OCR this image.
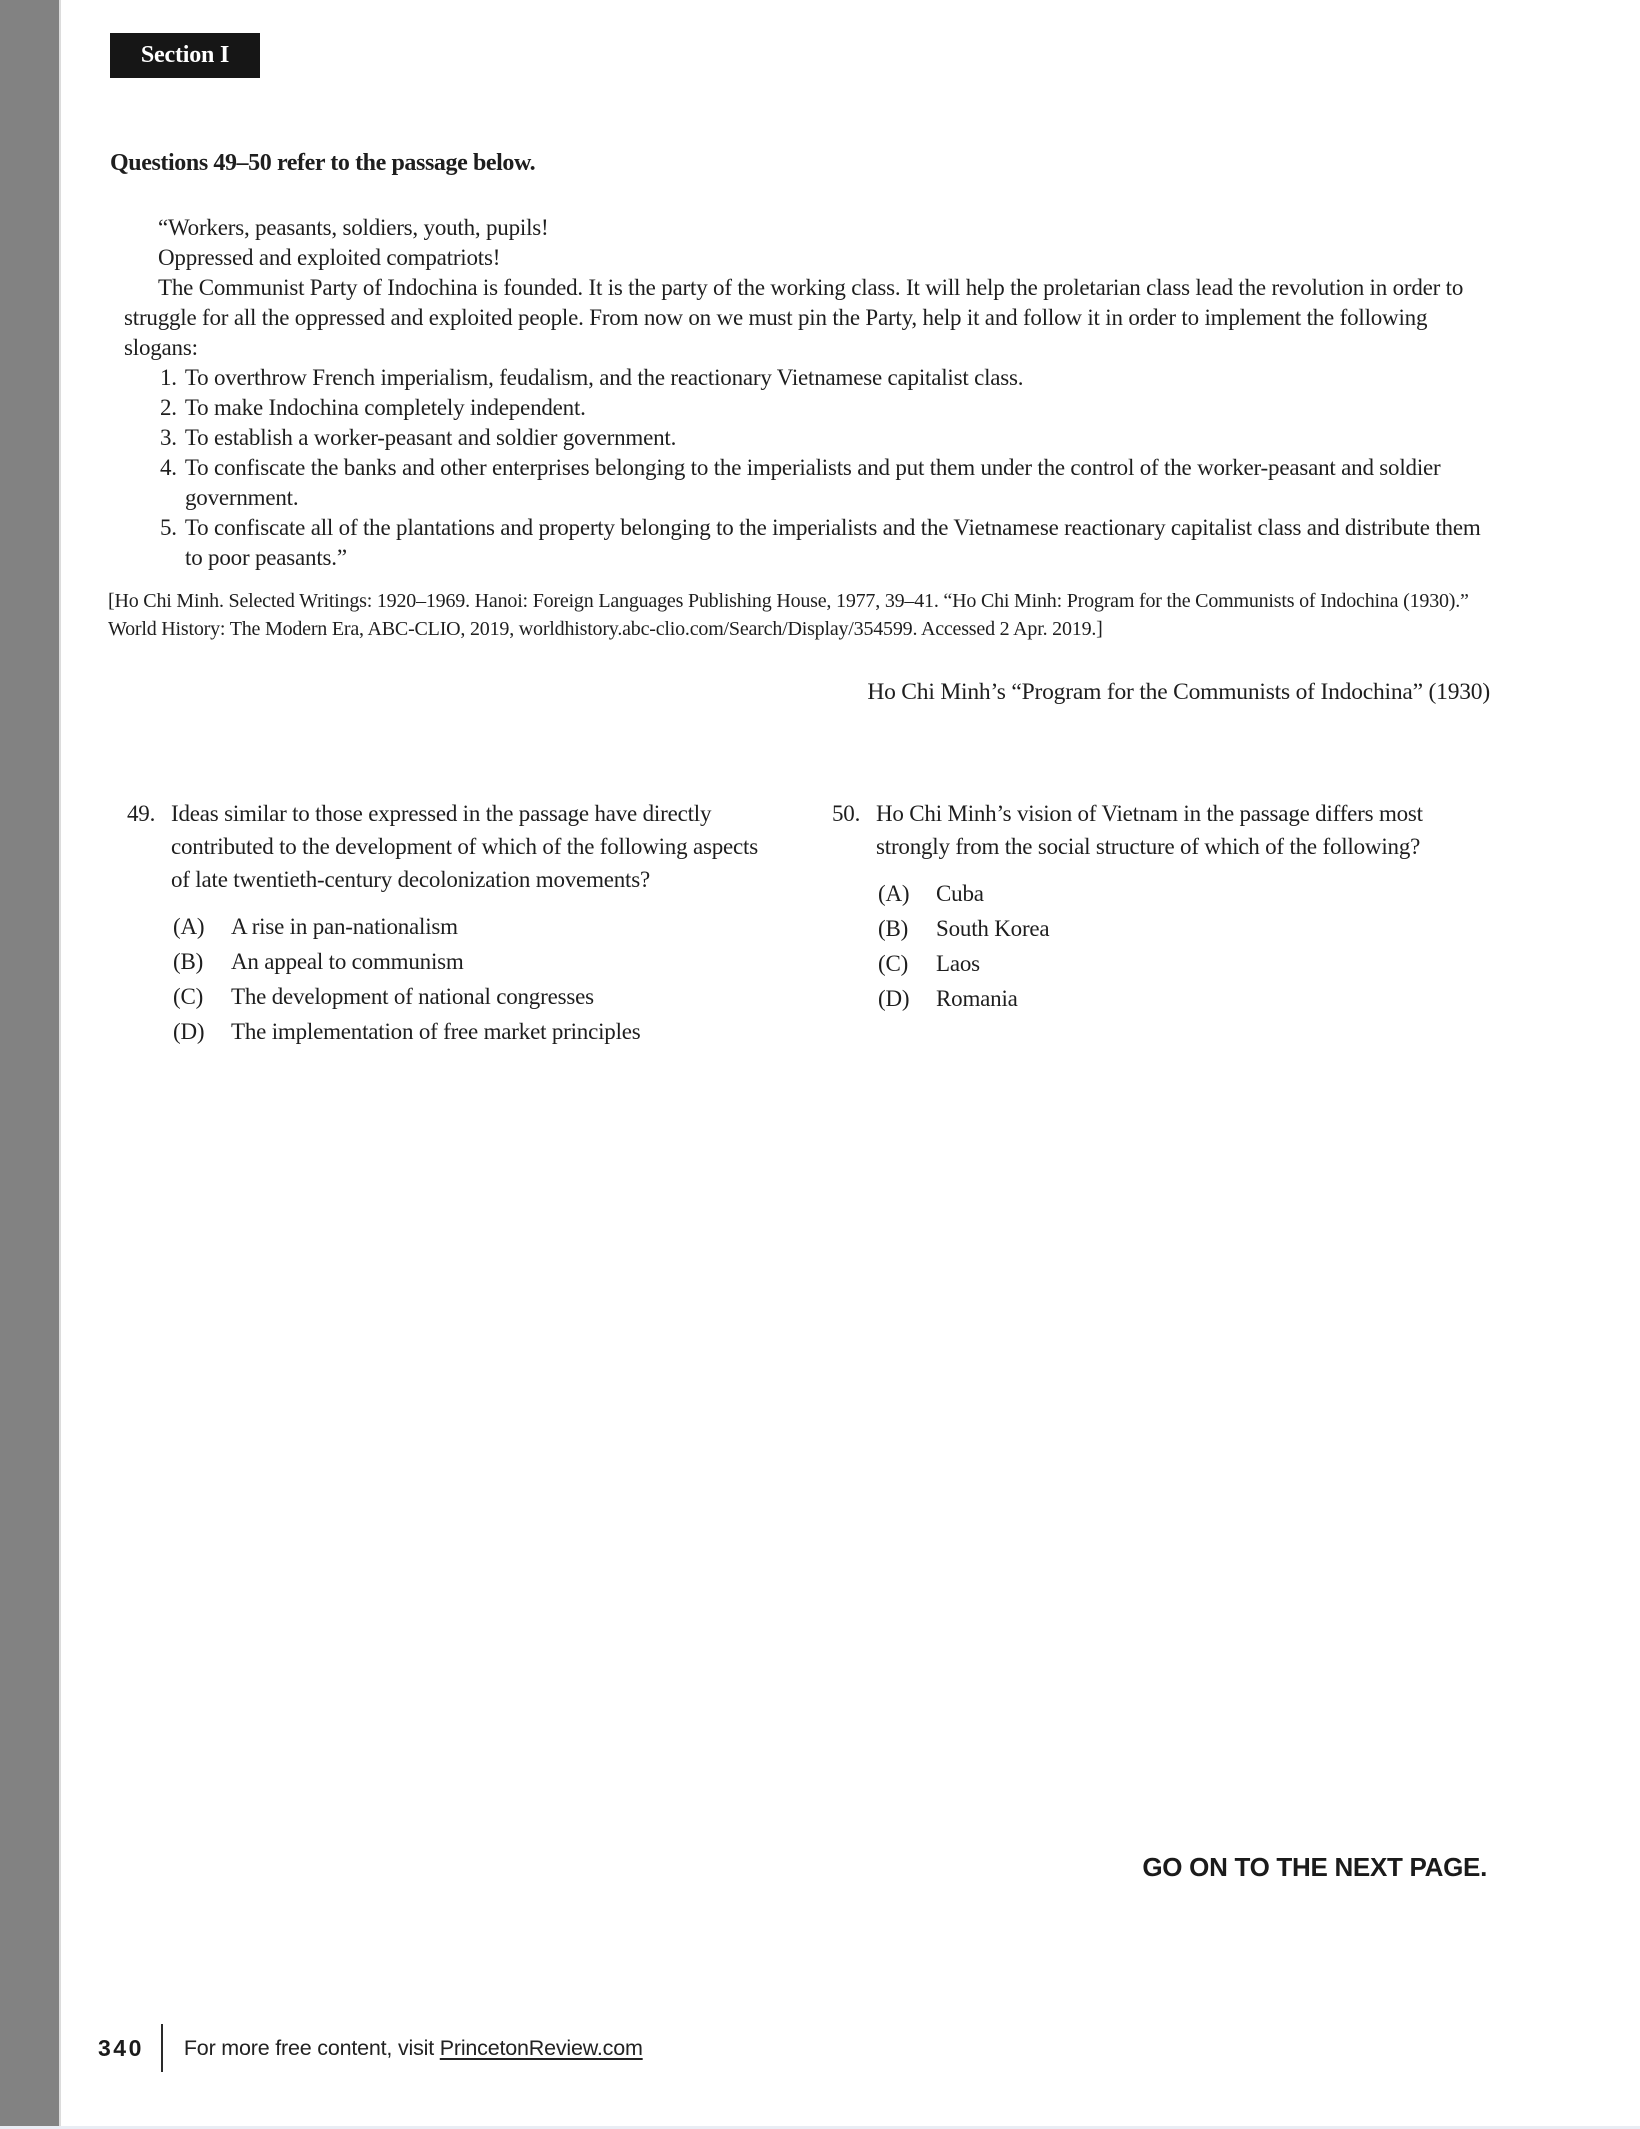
Section I
Questions 49–50 refer to the passage below.

“Workers, peasants, soldiers, youth, pupils!

Oppressed and exploited compatriots!

The Communist Party of Indochina is founded. It is the party of the working class. It will help the proletarian class lead the revolution in order to struggle for all the oppressed and exploited people. From now on we must pin the Party, help it and follow it in order to implement the following slogans:

1. To overthrow French imperialism, feudalism, and the reactionary Vietnamese capitalist class.
2. To make Indochina completely independent.
3. To establish a worker-peasant and soldier government.
4. To confiscate the banks and other enterprises belonging to the imperialists and put them under the control of the worker-peasant and soldier government.
5. To confiscate all of the plantations and property belonging to the imperialists and the Vietnamese reactionary capitalist class and distribute them to poor peasants.”

[Ho Chi Minh. Selected Writings: 1920–1969. Hanoi: Foreign Languages Publishing House, 1977, 39–41. “Ho Chi Minh: Program for the Communists of Indochina (1930).” World History: The Modern Era, ABC-CLIO, 2019, worldhistory.abc-clio.com/Search/Display/354599. Accessed 2 Apr. 2019.]

Ho Chi Minh’s “Program for the Communists of Indochina” (1930)

49. Ideas similar to those expressed in the passage have directly contributed to the development of which of the following aspects of late twentieth-century decolonization movements?
(A)	A rise in pan-nationalism
(B)	An appeal to communism
(C)	The development of national congresses
(D)	The implementation of free market principles
50. Ho Chi Minh’s vision of Vietnam in the passage differs most strongly from the social structure of which of the following?
(A)	Cuba
(B)	South Korea
(C)	Laos
(D)	Romania
GO ON TO THE NEXT PAGE.
340 For more free content, visit PrincetonReview.com
